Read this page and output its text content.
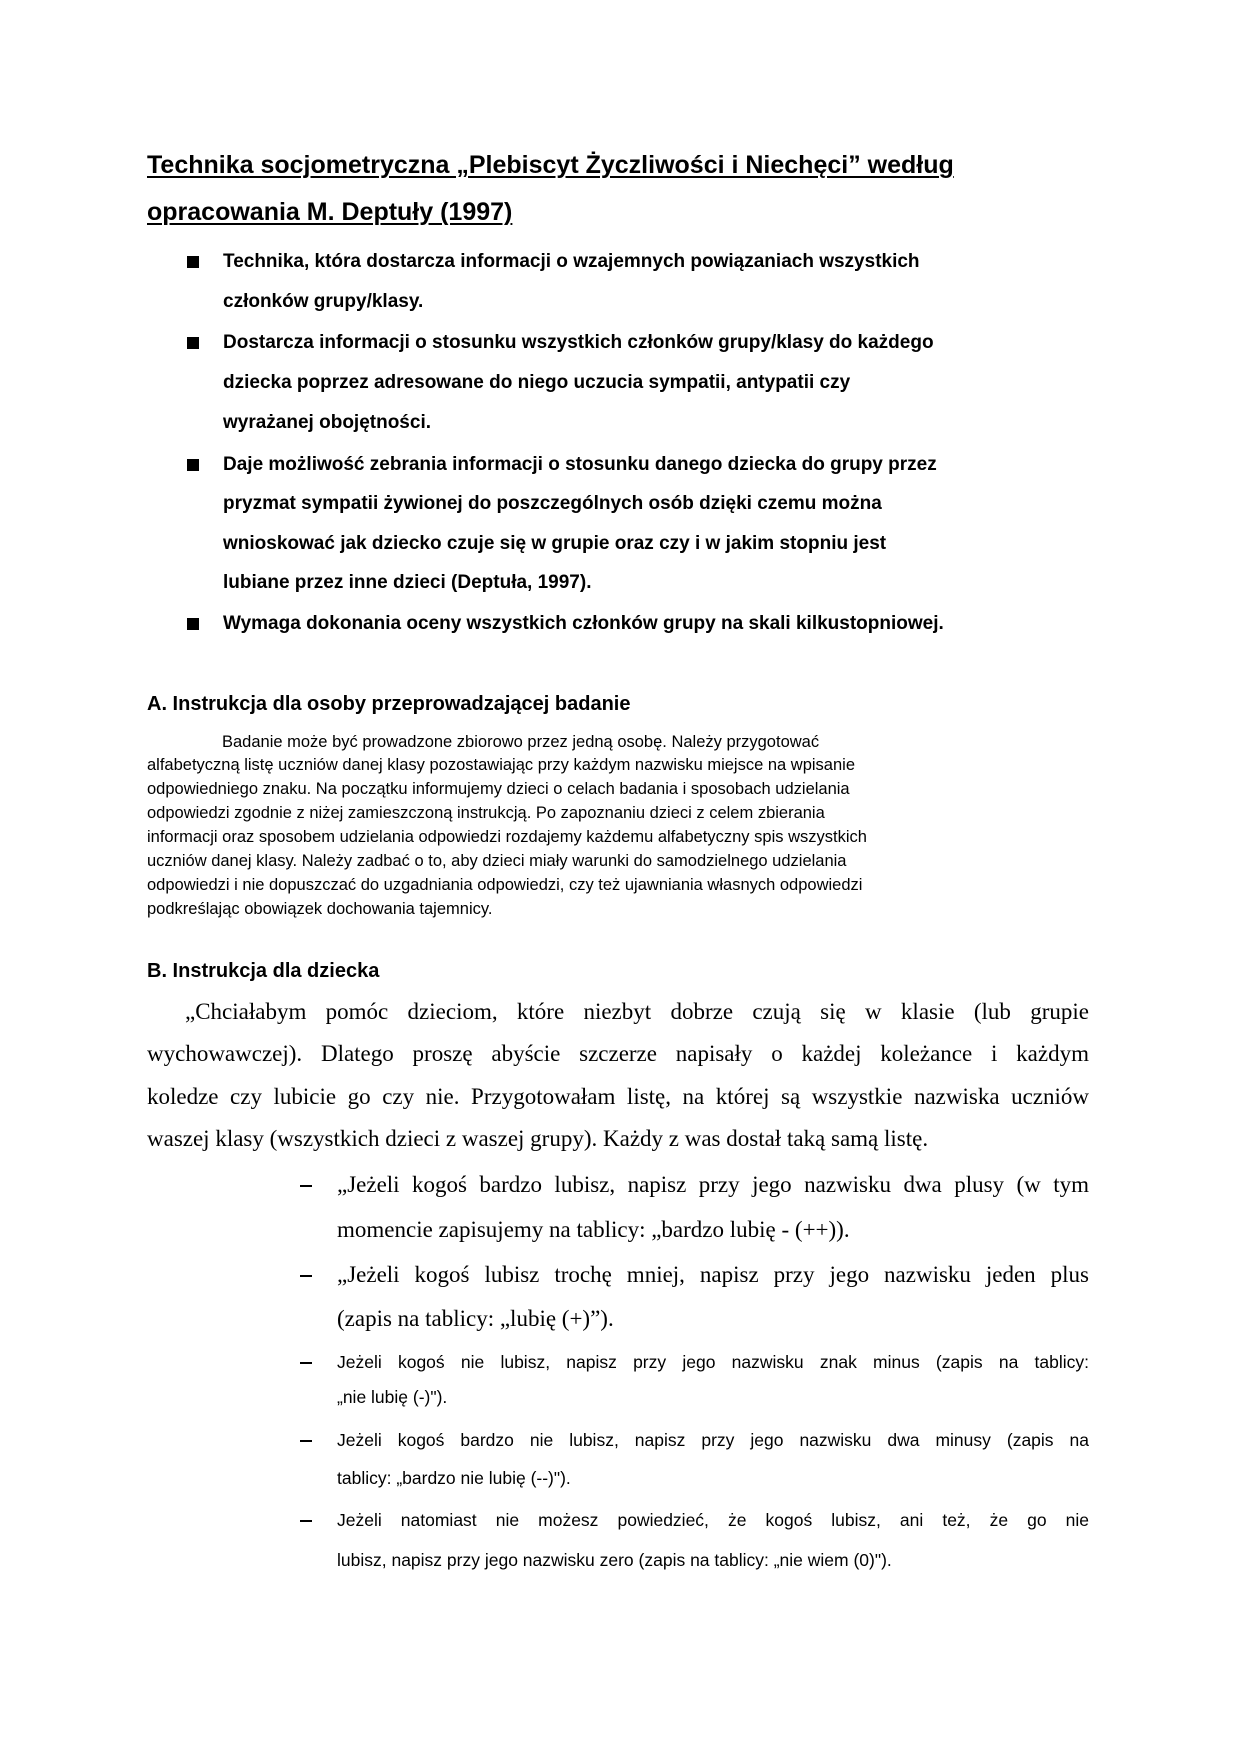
Technika socjometryczna „Plebiscyt Życzliwości i Niechęci” według
opracowania M. Deptuły (1997)
Technika, która dostarcza informacji o wzajemnych powiązaniach wszystkich
członków grupy/klasy.
Dostarcza informacji o stosunku wszystkich członków grupy/klasy do każdego
dziecka poprzez adresowane do niego uczucia sympatii, antypatii czy
wyrażanej obojętności.
Daje możliwość zebrania informacji o stosunku danego dziecka do grupy przez
pryzmat sympatii żywionej do poszczególnych osób dzięki czemu można
wnioskować jak dziecko czuje się w grupie oraz czy i w jakim stopniu jest
lubiane przez inne dzieci (Deptuła, 1997).
Wymaga dokonania oceny wszystkich członków grupy na skali kilkustopniowej.
A. Instrukcja dla osoby przeprowadzającej badanie
Badanie może być prowadzone zbiorowo przez jedną osobę. Należy przygotować
alfabetyczną listę uczniów danej klasy pozostawiając przy każdym nazwisku miejsce na wpisanie
odpowiedniego znaku. Na początku informujemy dzieci o celach badania i sposobach udzielania
odpowiedzi zgodnie z niżej zamieszczoną instrukcją. Po zapoznaniu dzieci z celem zbierania
informacji oraz sposobem udzielania odpowiedzi rozdajemy każdemu alfabetyczny spis wszystkich
uczniów danej klasy. Należy zadbać o to, aby dzieci miały warunki do samodzielnego udzielania
odpowiedzi i nie dopuszczać do uzgadniania odpowiedzi, czy też ujawniania własnych odpowiedzi
podkreślając obowiązek dochowania tajemnicy.
B. Instrukcja dla dziecka
„Chciałabym pomóc dzieciom, które niezbyt dobrze czują się w klasie (lub grupie
wychowawczej). Dlatego proszę abyście szczerze napisały o każdej koleżance i każdym
koledze czy lubicie go czy nie. Przygotowałam listę, na której są wszystkie nazwiska uczniów
waszej klasy (wszystkich dzieci z waszej grupy). Każdy z was dostał taką samą listę.
„Jeżeli kogoś bardzo lubisz, napisz przy jego nazwisku dwa plusy (w tym
momencie zapisujemy na tablicy: „bardzo lubię - (++)).
„Jeżeli kogoś lubisz trochę mniej, napisz przy jego nazwisku jeden plus
(zapis na tablicy: „lubię (+)”).
Jeżeli kogoś nie lubisz, napisz przy jego nazwisku znak minus (zapis na tablicy:
„nie lubię (-)").
Jeżeli kogoś bardzo nie lubisz, napisz przy jego nazwisku dwa minusy (zapis na
tablicy: „bardzo nie lubię (--)").
Jeżeli natomiast nie możesz powiedzieć, że kogoś lubisz, ani też, że go nie
lubisz, napisz przy jego nazwisku zero (zapis na tablicy: „nie wiem (0)").
